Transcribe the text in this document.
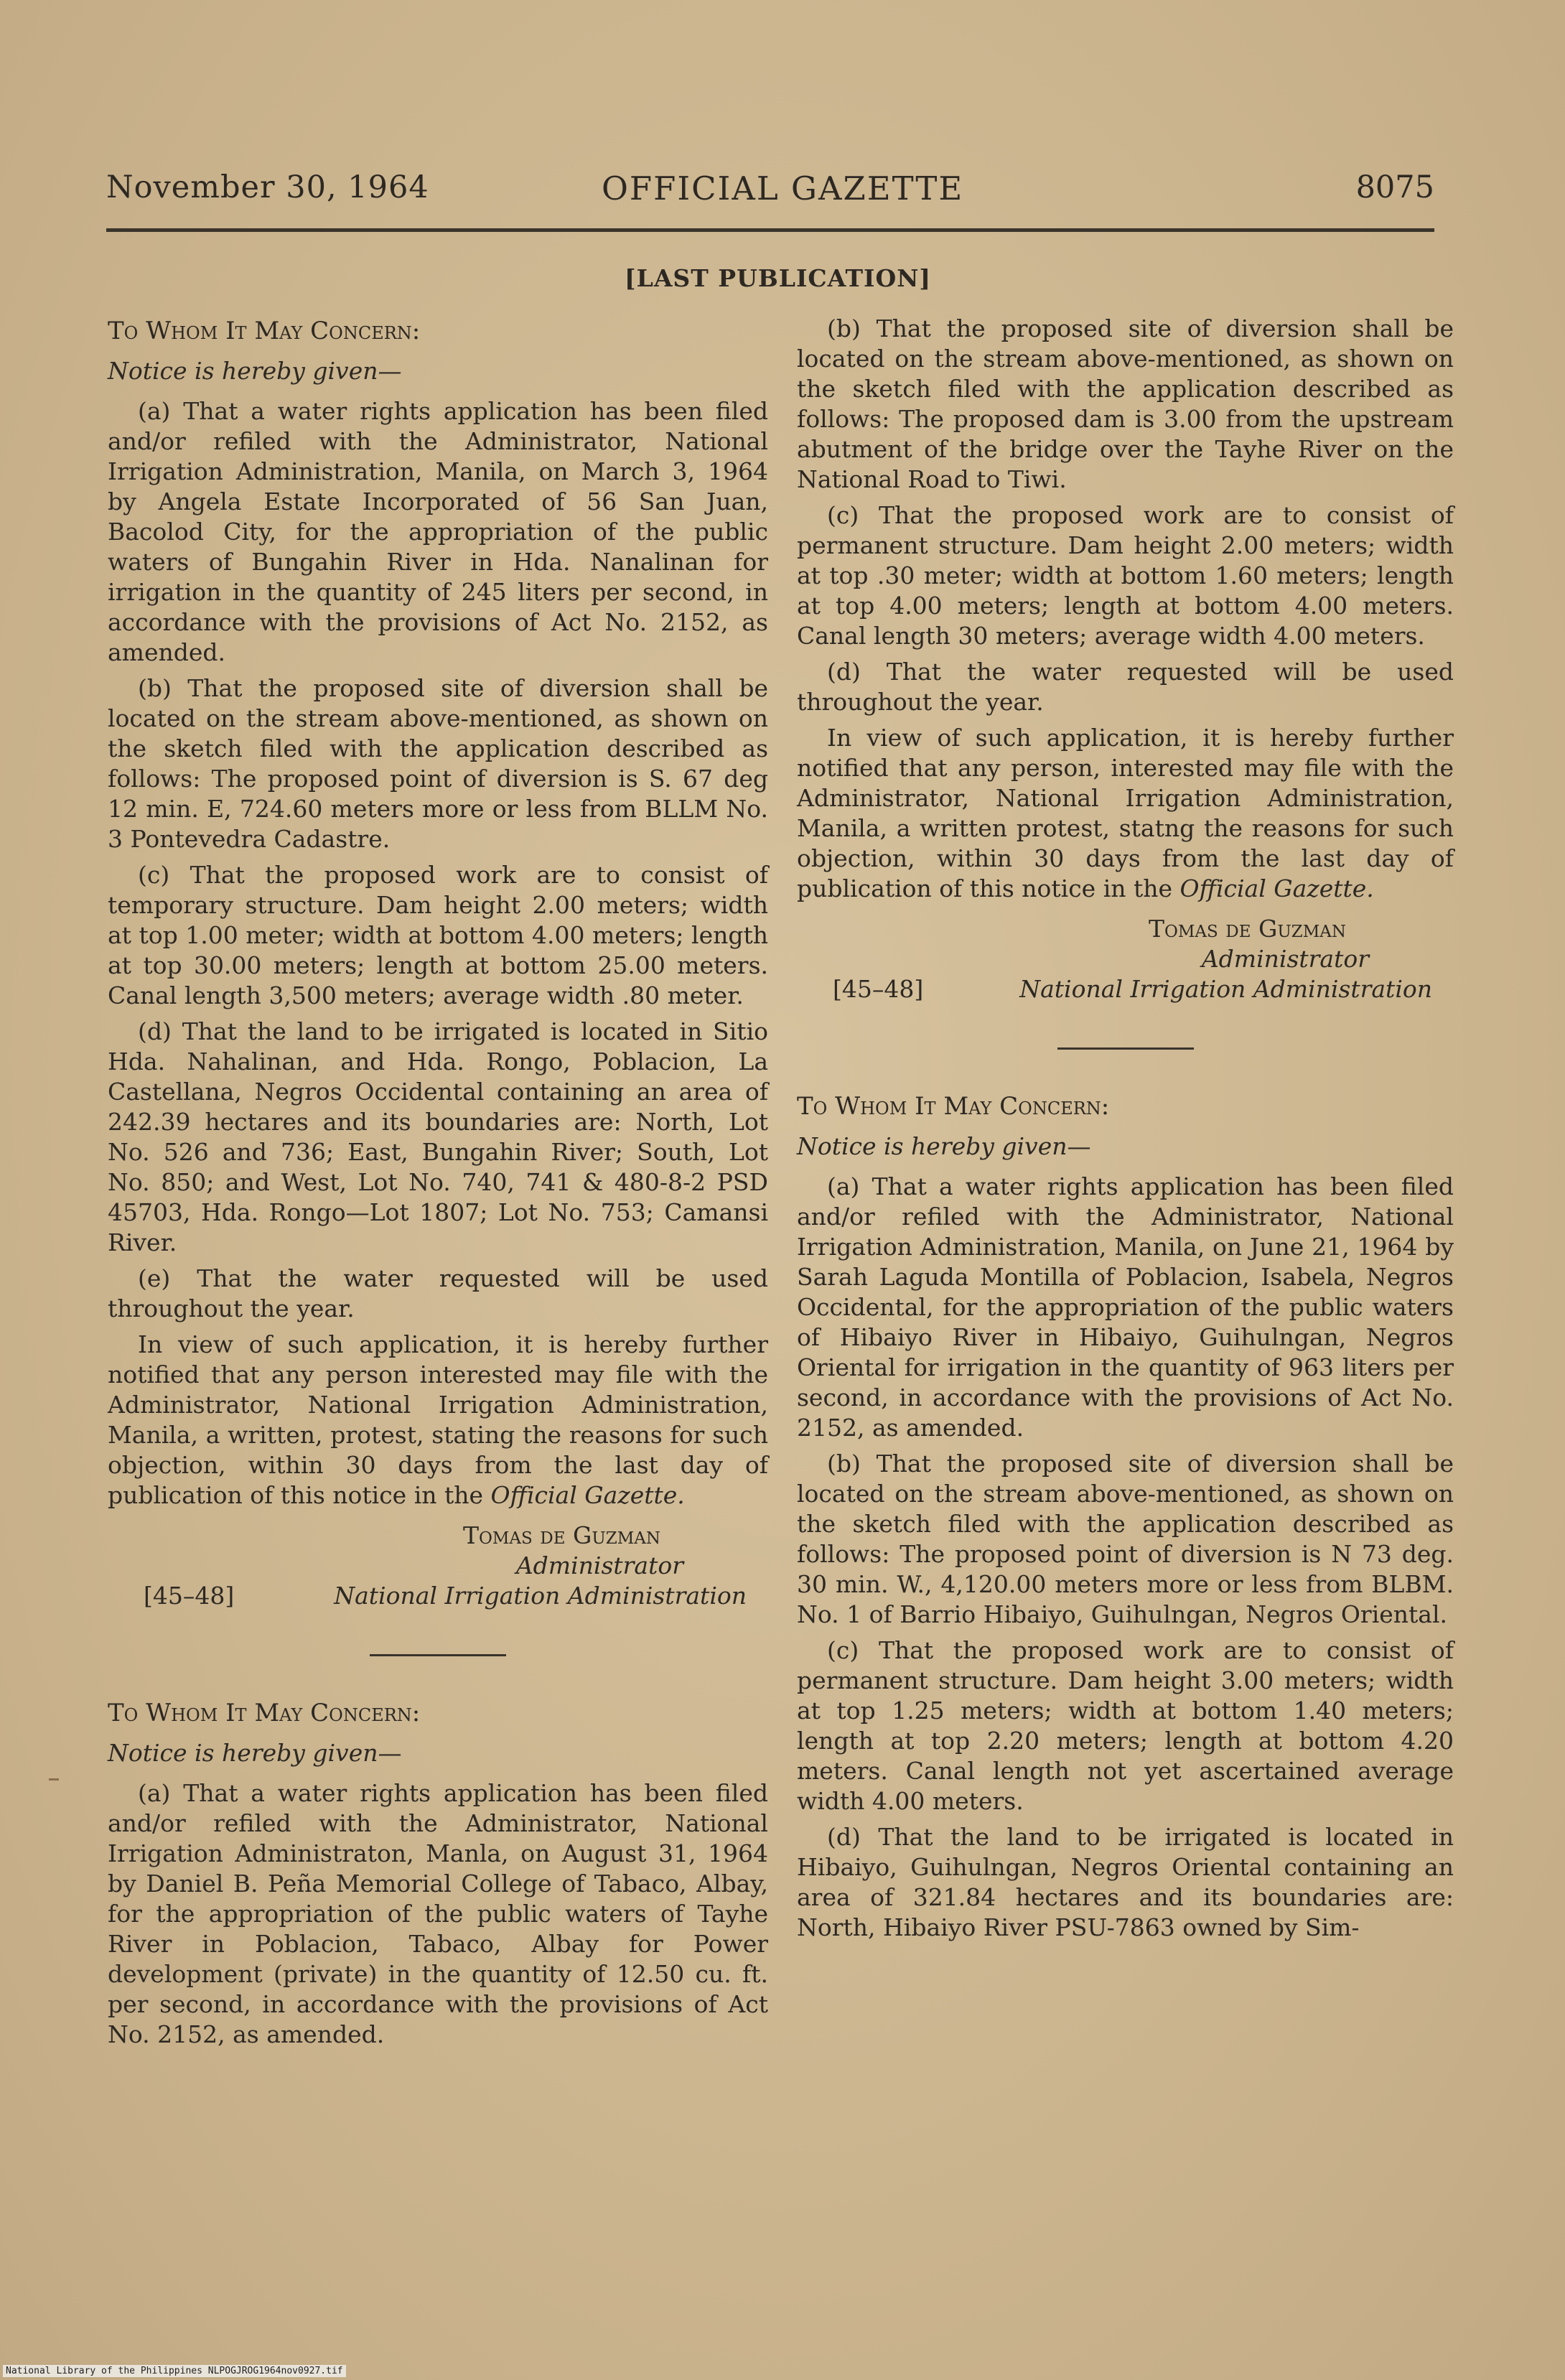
November 30, 1964	OFFICIAL GAZETTE	8075
[LAST PUBLICATION]
To Whom It May Concern:
Notice is hereby given—

(a) That a water rights application has been filed and/or refiled with the Administrator, National Irrigation Administration, Manila, on March 3, 1964 by Angela Estate Incorporated of 56 San Juan, Bacolod City, for the appropriation of the public waters of Bungahin River in Hda. Nanalinan for irrigation in the quantity of 245 liters per second, in accordance with the provisions of Act No. 2152, as amended.

(b) That the proposed site of diversion shall be located on the stream above-mentioned, as shown on the sketch filed with the application described as follows: The proposed point of diversion is S. 67 deg 12 min. E, 724.60 meters more or less from BLLM No. 3 Pontevedra Cadastre.

(c) That the proposed work are to consist of temporary structure. Dam height 2.00 meters; width at top 1.00 meter; width at bottom 4.00 meters; length at top 30.00 meters; length at bottom 25.00 meters. Canal length 3,500 meters; average width .80 meter.

(d) That the land to be irrigated is located in Sitio Hda. Nahalinan, and Hda. Rongo, Poblacion, La Castellana, Negros Occidental containing an area of 242.39 hectares and its boundaries are: North, Lot No. 526 and 736; East, Bungahin River; South, Lot No. 850; and West, Lot No. 740, 741 & 480-8-2 PSD 45703, Hda. Rongo—Lot 1807; Lot No. 753; Camansi River.

(e) That the water requested will be used throughout the year.

In view of such application, it is hereby further notified that any person interested may file with the Administrator, National Irrigation Administration, Manila, a written, protest, stating the reasons for such objection, within 30 days from the last day of publication of this notice in the Official Gazette.

Tomas de Guzman
Administrator
[45–48]	National Irrigation Administration
To Whom It May Concern:
Notice is hereby given—

(a) That a water rights application has been filed and/or refiled with the Administrator, National Irrigation Administraton, Manla, on August 31, 1964 by Daniel B. Peña Memorial College of Tabaco, Albay, for the appropriation of the public waters of Tayhe River in Poblacion, Tabaco, Albay for Power development (private) in the quantity of 12.50 cu. ft. per second, in accordance with the provisions of Act No. 2152, as amended.

(b) That the proposed site of diversion shall be located on the stream above-mentioned, as shown on the sketch filed with the application described as follows: The proposed dam is 3.00 from the upstream abutment of the bridge over the Tayhe River on the National Road to Tiwi.

(c) That the proposed work are to consist of permanent structure. Dam height 2.00 meters; width at top .30 meter; width at bottom 1.60 meters; length at top 4.00 meters; length at bottom 4.00 meters. Canal length 30 meters; average width 4.00 meters.

(d) That the water requested will be used throughout the year.

In view of such application, it is hereby further notified that any person, interested may file with the Administrator, National Irrigation Administration, Manila, a written protest, statng the reasons for such objection, within 30 days from the last day of publication of this notice in the Official Gazette.

Tomas de Guzman
Administrator
[45–48]	National Irrigation Administration
To Whom It May Concern:
Notice is hereby given—

(a) That a water rights application has been filed and/or refiled with the Administrator, National Irrigation Administration, Manila, on June 21, 1964 by Sarah Laguda Montilla of Poblacion, Isabela, Negros Occidental, for the appropriation of the public waters of Hibaiyo River in Hibaiyo, Guihulngan, Negros Oriental for irrigation in the quantity of 963 liters per second, in accordance with the provisions of Act No. 2152, as amended.

(b) That the proposed site of diversion shall be located on the stream above-mentioned, as shown on the sketch filed with the application described as follows: The proposed point of diversion is N 73 deg. 30 min. W., 4,120.00 meters more or less from BLBM. No. 1 of Barrio Hibaiyo, Guihulngan, Negros Oriental.

(c) That the proposed work are to consist of permanent structure. Dam height 3.00 meters; width at top 1.25 meters; width at bottom 1.40 meters; length at top 2.20 meters; length at bottom 4.20 meters. Canal length not yet ascertained average width 4.00 meters.

(d) That the land to be irrigated is located in Hibaiyo, Guihulngan, Negros Oriental containing an area of 321.84 hectares and its boundaries are: North, Hibaiyo River PSU-7863 owned by Sim-

National Library of the Philippines NLPOGJROG1964nov0927.tif
